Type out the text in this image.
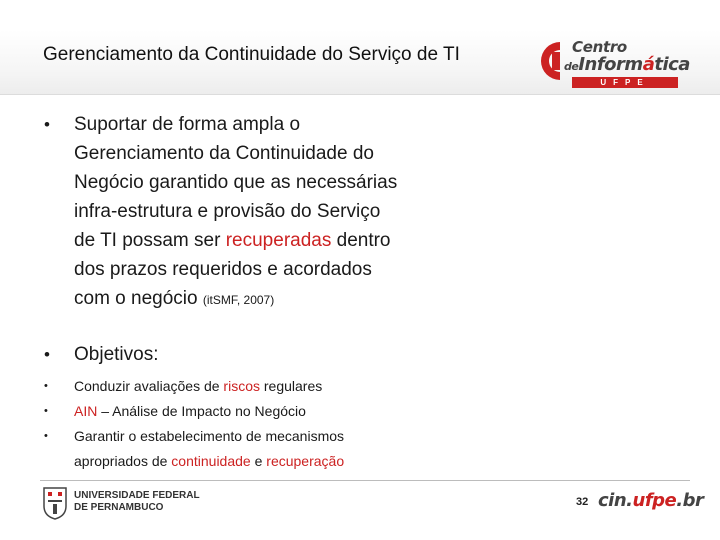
Gerenciamento da Continuidade do Serviço de TI	Centro
deInformática
UFPE
• Suportar de forma ampla o
Gerenciamento da Continuidade do
Negócio garantido que as necessárias
infra-estrutura e provisão do Serviço
de TI possam ser recuperadas dentro
dos prazos requeridos e acordados
com o negócio (itSMF, 2007)
• Objetivos:
• Conduzir avaliações de riscos regulares
• AIN – Análise de Impacto no Negócio
• Garantir o estabelecimento de mecanismos
apropriados de continuidade e recuperação
UNIVERSIDADE FEDERAL
DE PERNAMBUCO	32 cin.ufpe.br
